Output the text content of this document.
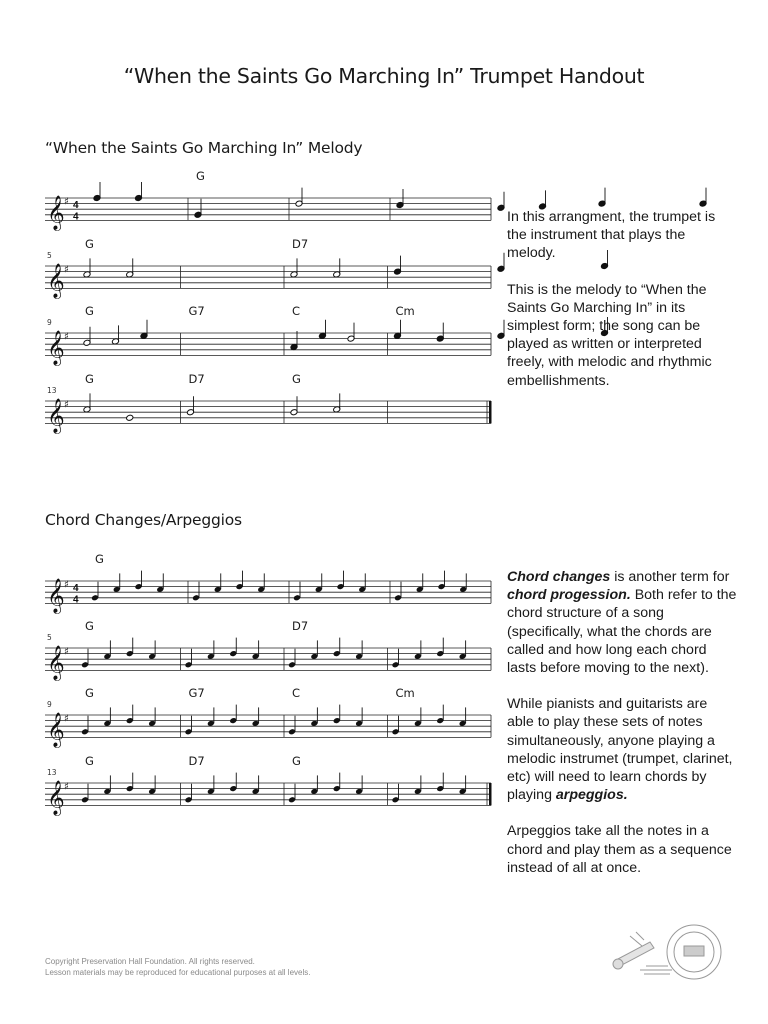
“When the Saints Go Marching In” Trumpet Handout
“When the Saints Go Marching In” Melody
Chord Changes/Arpeggios
𝄞 ♯ 4
4
G
𝄞 ♯
5
G	D7
𝄞 ♯
9
G	G7	C	Cm
𝄞 ♯
13
G	D7	G
𝄞 ♯ 4
4
G
𝄞 ♯
5
G	D7
𝄞 ♯
9
G	G7	C	Cm
𝄞 ♯
13
G	D7	G

In this arrangment, the trumpet is the instrument that plays the melody.

This is the melody to “When the Saints Go Marching In” in its simplest form; the song can be played as written or interpreted freely, with melodic and rhythmic embellishments.

Chord changes is another term for chord progession. Both refer to the chord structure of a song (specifically, what the chords are called and how long each chord lasts before moving to the next).

While pianists and guitarists are able to play these sets of notes simultaneously, anyone playing a melodic instrumet (trumpet, clarinet, etc) will need to learn chords by playing arpeggios.

Arpeggios take all the notes in a chord and play them as a sequence instead of all at once.

Copyright Preservation Hall Foundation. All rights reserved.
Lesson materials may be reproduced for educational purposes at all levels.
